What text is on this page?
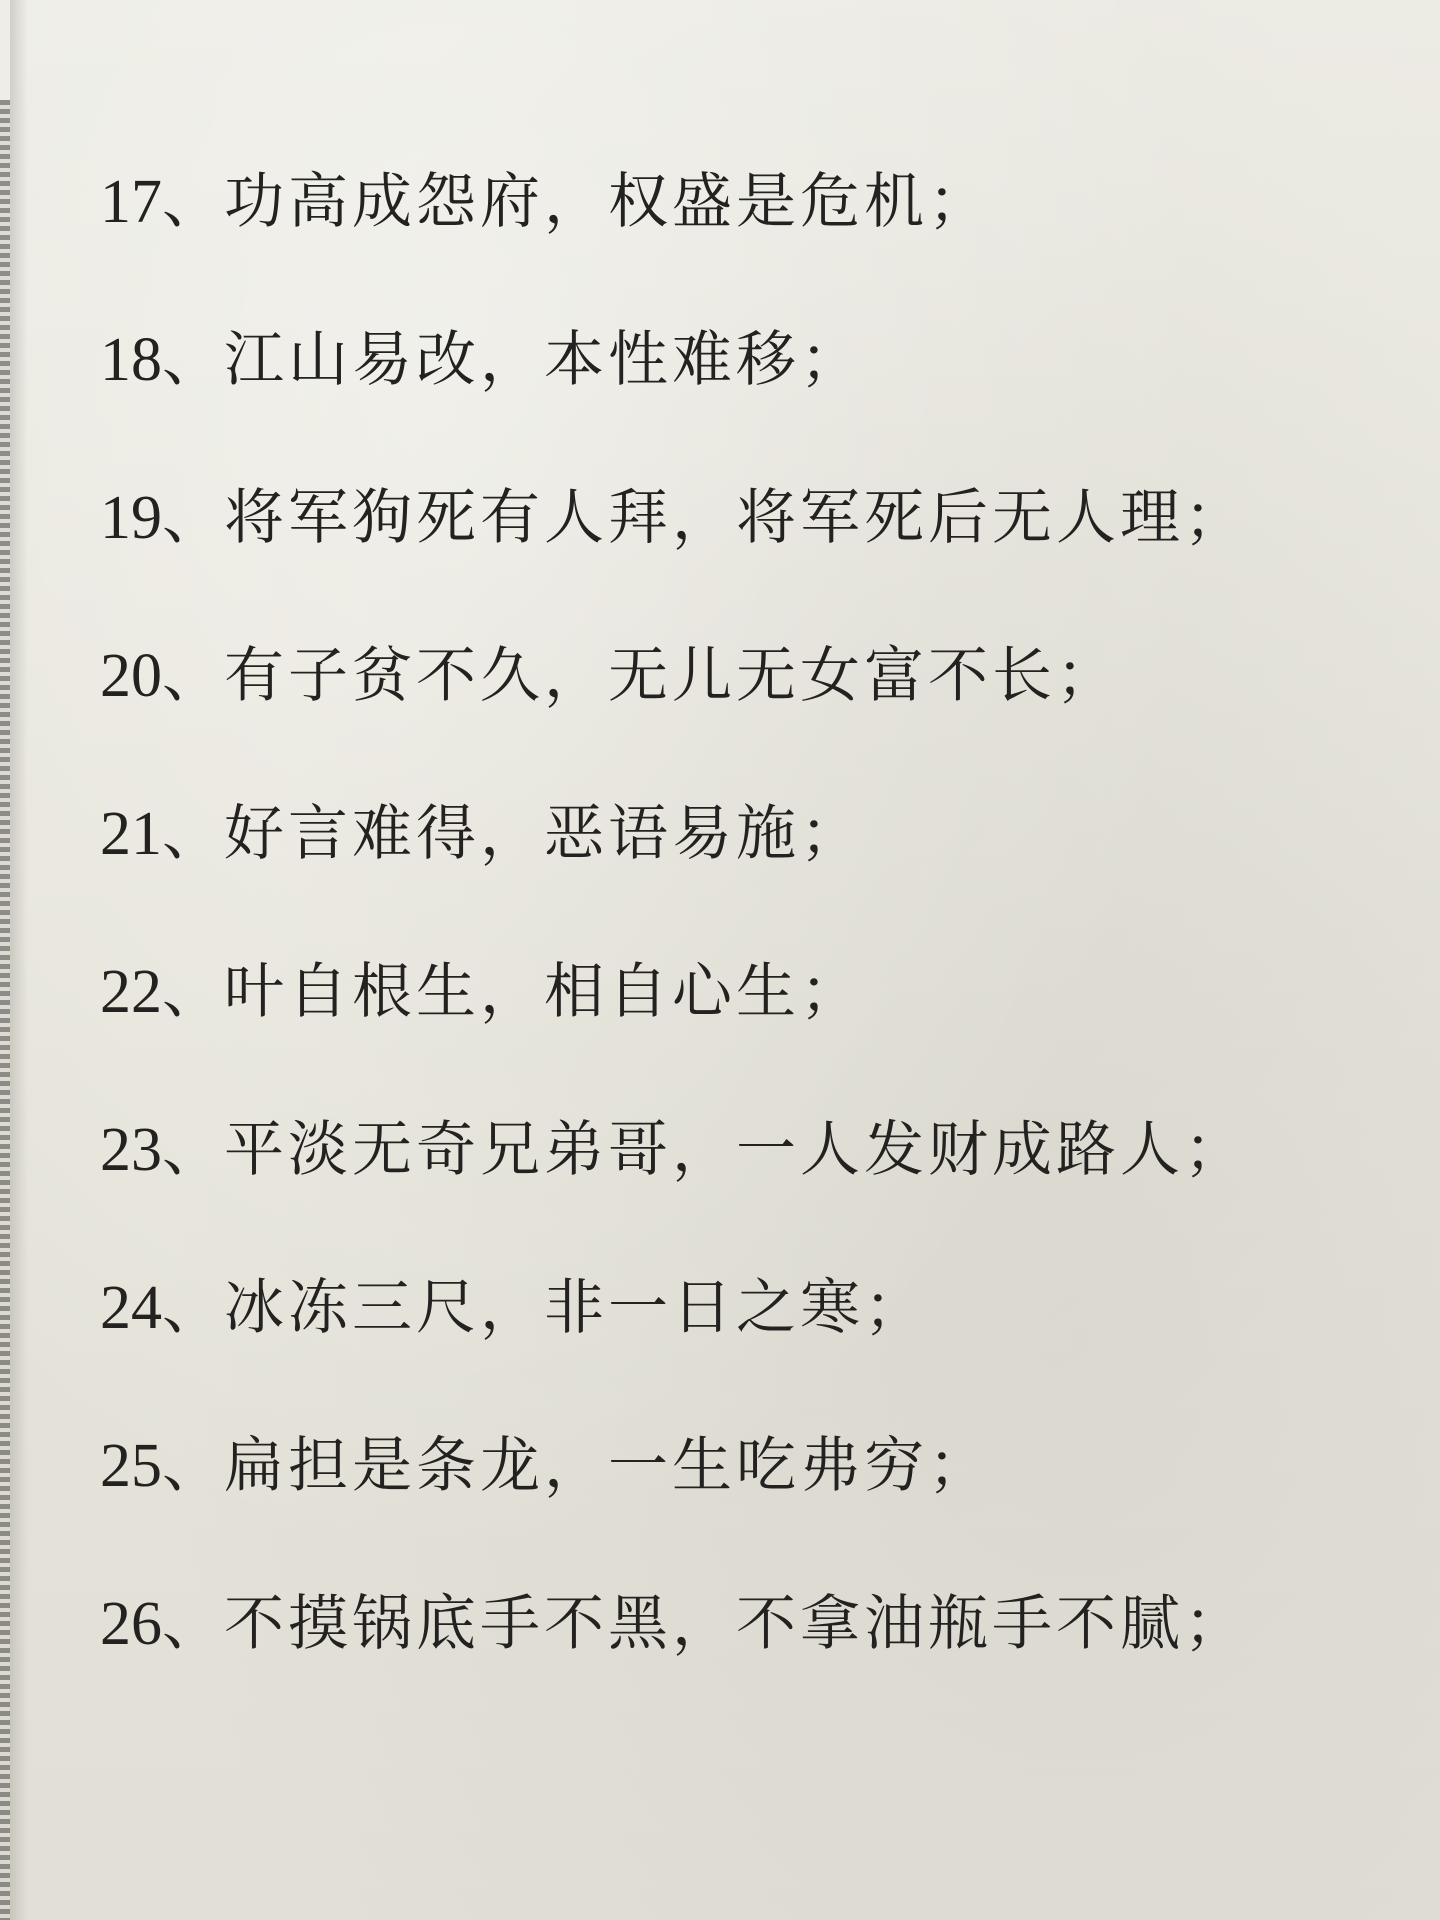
17 、
功高成怨府，权盛是危机；
18 、
江山易改，本性难移；
19 、
将军狗死有人拜，将军死后无人理；
20 、
有子贫不久，无儿无女富不长；
21 、
好言难得，恶语易施；
22 、
叶自根生，相自心生；
23 、
平淡无奇兄弟哥，一人发财成路人；
24 、
冰冻三尺，非一日之寒；
25 、
扁担是条龙，一生吃弗穷；
26 、
不摸锅底手不黑，不拿油瓶手不腻；
